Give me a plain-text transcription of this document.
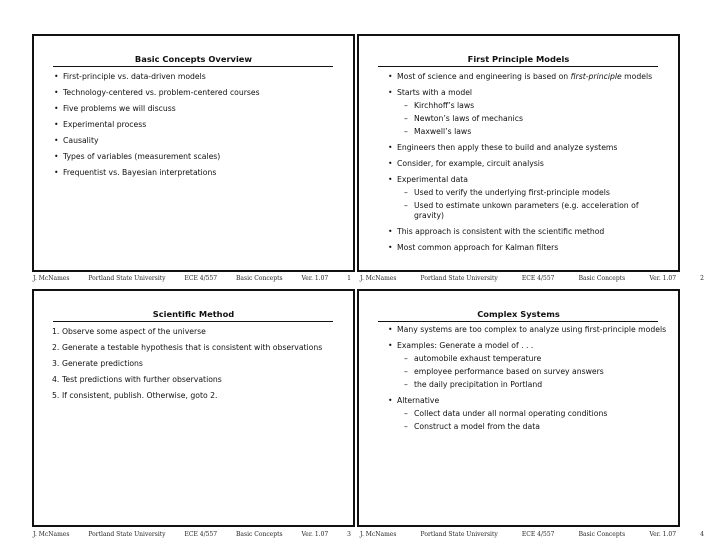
Basic Concepts Overview
• First-principle vs. data-driven models
• Technology-centered vs. problem-centered courses
• Five problems we will discuss
• Experimental process
• Causality
• Types of variables (measurement scales)
• Frequentist vs. Bayesian interpretations
J. McNames	Portland State University	ECE 4/557	Basic Concepts	Ver. 1.07	1
First Principle Models
• Most of science and engineering is based on first-principle models
• Starts with a model
– Kirchhoff’s laws
– Newton’s laws of mechanics
– Maxwell’s laws
• Engineers then apply these to build and analyze systems
• Consider, for example, circuit analysis
• Experimental data
– Used to verify the underlying first-principle models
– Used to estimate unkown parameters (e.g. acceleration of gravity)
• This approach is consistent with the scientific method
• Most common approach for Kalman filters
J. McNames	Portland State University	ECE 4/557	Basic Concepts	Ver. 1.07	2
Scientific Method
1. Observe some aspect of the universe
2. Generate a testable hypothesis that is consistent with observations
3. Generate predictions
4. Test predictions with further observations
5. If consistent, publish. Otherwise, goto 2.
J. McNames	Portland State University	ECE 4/557	Basic Concepts	Ver. 1.07	3
Complex Systems
• Many systems are too complex to analyze using first-principle models
• Examples: Generate a model of . . .
– automobile exhaust temperature
– employee performance based on survey answers
– the daily precipitation in Portland
• Alternative
– Collect data under all normal operating conditions
– Construct a model from the data
J. McNames	Portland State University	ECE 4/557	Basic Concepts	Ver. 1.07	4
